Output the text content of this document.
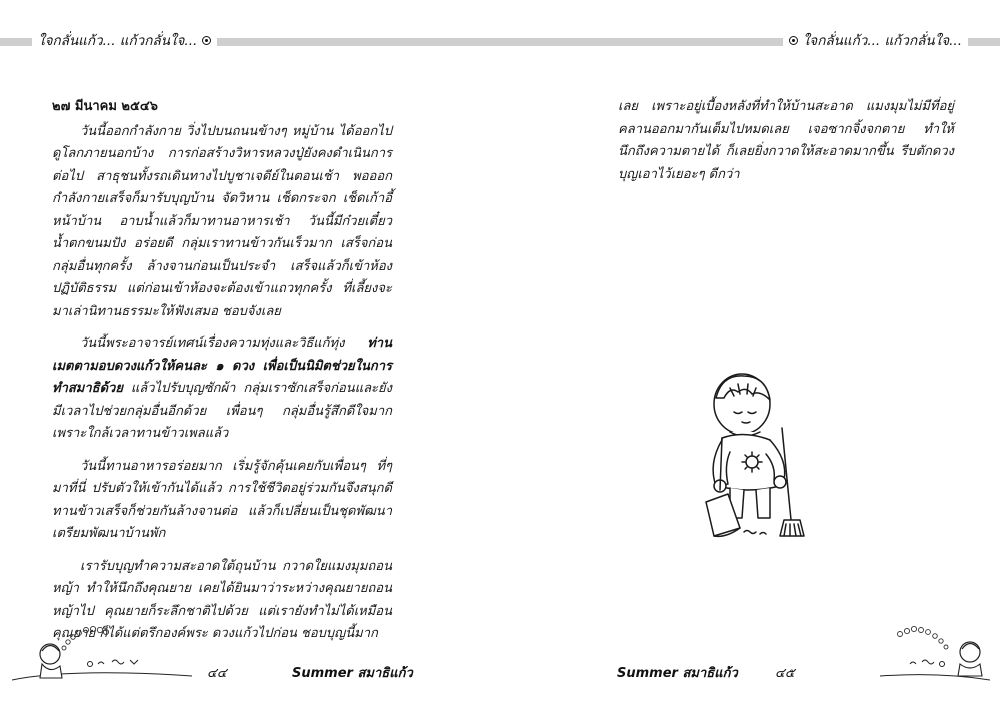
ใจกลั่นแก้ว... แก้วกลั่นใจ...

๒๗ มีนาคม ๒๕๔๖

วันนี้ออกกำลังกาย วิ่งไปบนถนนข้างๆ หมู่บ้าน ได้ออกไปดูโลกภายนอกบ้าง การก่อสร้างวิหารหลวงปู่ยังคงดำเนินการต่อไป สาธุชนทั้งรถเดินทางไปบูชาเจดีย์ในตอนเช้า พอออกกำลังกายเสร็จก็มารับบุญบ้าน จัดวิหาน เช็ดกระจก เช็ดเก้าอี้หน้าบ้าน อาบน้ำแล้วก็มาทานอาหารเช้า วันนี้มีก๋วยเตี๋ยวน้ำตกขนมปัง อร่อยดี กลุ่มเราทานข้าวกันเร็วมาก เสร็จก่อนกลุ่มอื่นทุกครั้ง ล้างจานก่อนเป็นประจำ เสร็จแล้วก็เข้าห้องปฏิบัติธรรม แต่ก่อนเข้าห้องจะต้องเข้าแถวทุกครั้ง ที่เลี้ยงจะมาเล่านิทานธรรมะให้ฟังเสมอ ชอบจังเลย

วันนี้พระอาจารย์เทศน์เรื่องความทุ่งและวิธีแก้ทุ่ง ท่านเมตตามอบดวงแก้วให้คนละ ๑ ดวง เพื่อเป็นนิมิตช่วยในการทำสมาธิด้วย แล้วไปรับบุญซักผ้า กลุ่มเราซักเสร็จก่อนและยังมีเวลาไปช่วยกลุ่มอื่นอีกด้วย เพื่อนๆ กลุ่มอื่นรู้สึกดีใจมาก เพราะใกล้เวลาทานข้าวเพลแล้ว

วันนี้ทานอาหารอร่อยมาก เริ่มรู้จักคุ้นเคยกับเพื่อนๆ ที่ๆ มาที่นี่ ปรับตัวให้เข้ากันได้แล้ว การใช้ชีวิตอยู่ร่วมกันจึงสนุกดีทานข้าวเสร็จก็ช่วยกันล้างจานต่อ แล้วก็เปลี่ยนเป็นชุดพัฒนาเตรียมพัฒนาบ้านพัก

เรารับบุญทำความสะอาดใต้ถุนบ้าน กวาดใยแมงมุมถอนหญ้า ทำให้นึกถึงคุณยาย เคยได้ยินมาว่าระหว่างคุณยายถอนหญ้าไป คุณยายก็ระลึกชาติไปด้วย แต่เรายังทำไม่ได้เหมือนคุณยาย ก็ได้แต่ตรึกองค์พระ ดวงแก้วไปก่อน ชอบบุญนี้มาก

๔๔	Summer สมาธิแก้ว
ใจกลั่นแก้ว... แก้วกลั่นใจ...

เลย เพราะอยู่เบื้องหลังที่ทำให้บ้านสะอาด แมงมุมไม่มีที่อยู่ คลานออกมากันเต็มไปหมดเลย เจอซากจิ้งจกตาย ทำให้นึกถึงความตายได้ ก็เลยยิ่งกวาดให้สะอาดมากขึ้น รีบตักดวงบุญเอาไว้เยอะๆ ดีกว่า

Summer สมาธิแก้ว	๔๕
